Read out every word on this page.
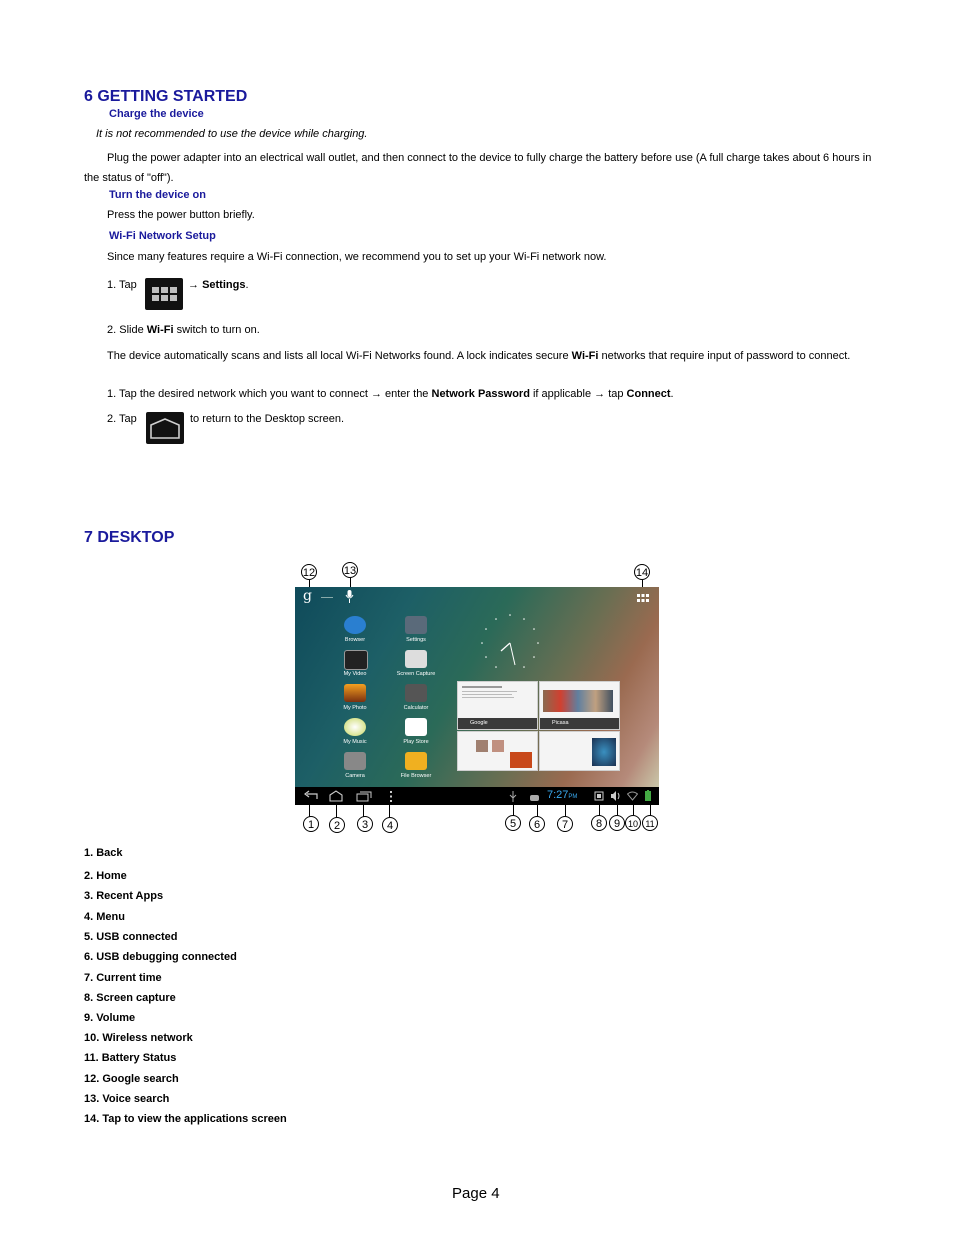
6 GETTING STARTED
Charge the device
It is not recommended to use the device while charging.
Plug the power adapter into an electrical wall outlet, and then connect to the device to fully charge the battery before use (A full charge takes about 6 hours in the status of "off").
Turn the device on
Press the power button briefly.
Wi-Fi Network Setup
Since many features require a Wi-Fi connection, we recommend you to set up your Wi-Fi network now.
1. Tap	→ Settings.
2. Slide Wi-Fi switch to turn on.
The device automatically scans and lists all local Wi-Fi Networks found. A lock indicates secure Wi-Fi networks that require input of password to connect.
1. Tap the desired network which you want to connect → enter the Network Password if applicable → tap Connect.
2. Tap	to return to the Desktop screen.
7 DESKTOP
12	13	14
g
Browser
My Video
My Photo
My Music
Camera
Settings
Screen Capture
Calculator
Play Store
File Browser
Google	Picasa
7:27PM
1	2	3	4	5	6	7	8	9 10 11
1. Back
2. Home
3. Recent Apps
4. Menu
5. USB connected
6. USB debugging connected
7. Current time
8. Screen capture
9. Volume
10. Wireless network
11. Battery Status
12. Google search
13. Voice search
14. Tap to view the applications screen
Page 4
